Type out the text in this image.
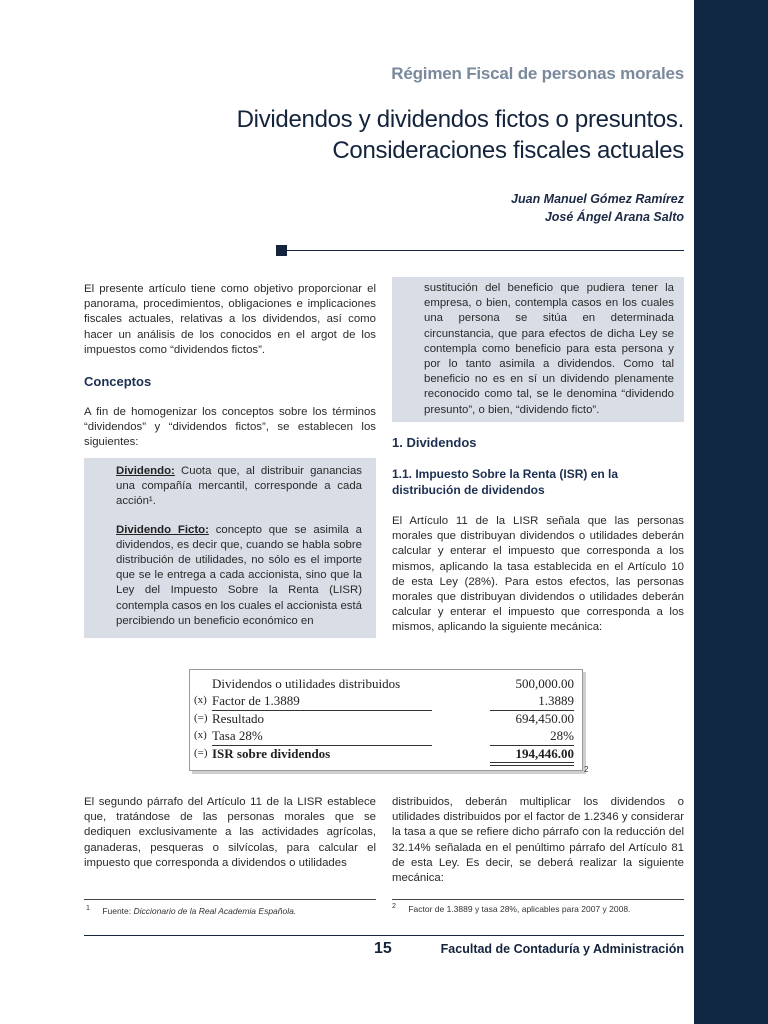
Régimen Fiscal de personas morales
Dividendos y dividendos fictos o presuntos.
Consideraciones fiscales actuales
Juan Manuel Gómez Ramírez
José Ángel Arana Salto
El presente artículo tiene como objetivo proporcionar el panorama, procedimientos, obligaciones e implicaciones fiscales actuales, relativas a los dividendos, así como hacer un análisis de los conocidos en el argot de los impuestos como “dividendos fictos”.
Conceptos
A fin de homogenizar los conceptos sobre los términos “dividendos” y “dividendos fictos”, se establecen los siguientes:

Dividendo: Cuota que, al distribuir ganancias una compañía mercantil, corresponde a cada acción¹.

Dividendo Ficto: concepto que se asimila a dividendos, es decir que, cuando se habla sobre distribución de utilidades, no sólo es el importe que se le entrega a cada accionista, sino que la Ley del Impuesto Sobre la Renta (LISR) contempla casos en los cuales el accionista está percibiendo un beneficio económico en

sustitución del beneficio que pudiera tener la empresa, o bien, contempla casos en los cuales una persona se sitúa en determinada circunstancia, que para efectos de dicha Ley se contempla como beneficio para esta persona y por lo tanto asimila a dividendos. Como tal beneficio no es en sí un dividendo plenamente reconocido como tal, se le denomina “dividendo presunto”, o bien, “dividendo ficto”.

1. Dividendos
1.1. Impuesto Sobre la Renta (ISR) en la distribución de dividendos
El Artículo 11 de la LISR señala que las personas morales que distribuyan dividendos o utilidades deberán calcular y enterar el impuesto que corresponda a los mismos, aplicando la tasa establecida en el Artículo 10 de esta Ley (28%). Para estos efectos, las personas morales que distribuyan dividendos o utilidades deberán calcular y enterar el impuesto que corresponda a los mismos, aplicando la siguiente mecánica:
Dividendos o utilidades distribuidos	500,000.00
(x) Factor de 1.3889	1.3889
(=) Resultado	694,450.00
(x) Tasa 28%	28%
(=) ISR sobre dividendos	194,446.00
2
El segundo párrafo del Artículo 11 de la LISR establece que, tratándose de las personas morales que se dediquen exclusivamente a las actividades agrícolas, ganaderas, pesqueras o silvícolas, para calcular el impuesto que corresponda a dividendos o utilidades
distribuidos, deberán multiplicar los dividendos o utilidades distribuidos por el factor de 1.2346 y considerar la tasa a que se refiere dicho párrafo con la reducción del 32.14% señalada en el penúltimo párrafo del Artículo 81 de esta Ley. Es decir, se deberá realizar la siguiente mecánica:
$^1$ Fuente: Diccionario de la Real Academia Española.	$^2$ Factor de 1.3889 y tasa 28%, aplicables para 2007 y 2008.
15	Facultad de Contaduría y Administración
